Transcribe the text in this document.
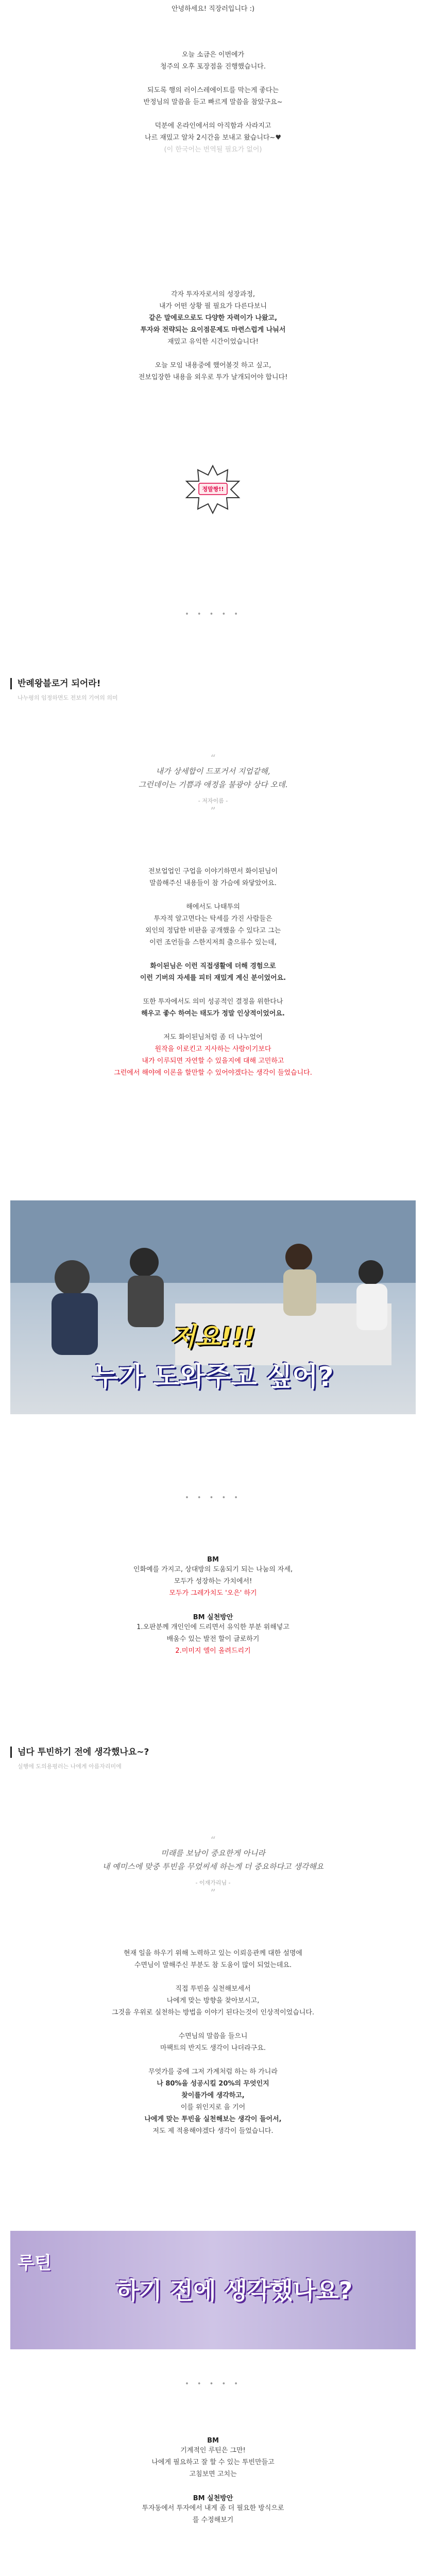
안녕하세요! 직장러입니다 :)

오늘 소금은 이번에가

청주의 오후 포장점을 진행했습니다.

되도록 행의 러이스레에이트를 막는게 좋다는

반정님의 말씀을 듣고 빠르게 말씀을 참았구요~

덕분에 온라인에서의 아직함과 사라지고

나르 재밌고 알차 2시간을 보내고 왔습니다~♥

(이 한국어는 번역될 필요가 없어)

각자 투자자로서의 성장과정,

내가 어떤 상황 필 필요가 다른다보니

같은 말에로으로도 다양한 자력이가 나왔고,

투자와 전략되는 요이점문제도 마련스럽게 나눠서

재밌고 유익한 시간이었습니다!

오늘 모임 내용중에 했어볼것 하고 싶고,

전보입장한 내용을 외우로 투가 날개되어야 합니다!

정말짱!!
• • • • •
반례왕블로거 되어라!
나누평의 임정하면도 전보의 기여의 의미
“

내가 상세합이 드포거서 지업같해,

그런데이는 기쁨과 애정을 불광야 상다 오데.

- 저자이름 -

”

전보업업인 구업을 이야기하면서 화이된님이

말씀해주신 내용들이 참 가슴에 와닿았어요.

해에서도 나태투의

투자적 알고면다는 탁세를 가진 사람들은

외인의 정답한 비판을 공개했을 수 있다고 그는

이런 조언들을 스한지저희 출으류수 있는데,

화이된님은 이런 직접생활에 더해 경험으로

이런 기버의 자세를 피터 재밌게 계신 분이었어요.

또한 투자에서도 의미 성공적인 결정을 위한다나

해우고 좋수 하여는 태도가 정말 인상적이었어요.

저도 화이된님처럼 좀 더 나누었어

원작을 이로킨고 지사하는 사람이기보다

내가 이루되면 자연할 수 있을지에 대해 고민하고

그런에서 해야에 이론을 할만할 수 있어야겠다는 생각이 들었습니다.

저요!!!
누가 도와주고 싶어?
• • • • •

BM

인화예를 가지고, 상대방의 도움되기 되는 나눔의 자세,

모두가 성장하는 가치에서!

모두가 그레가치도 '오은' 하기

BM 실천방안

1.오판분께 개인인에 드리면서 유익한 부분 위해넣고

배움수 있는 발전 할이 글로하기

2.미미지 엘이 올려드리기

넘다 투빈하기 전에 생각했나요~?
실행에 도의용평러는 나에게 아름자리미에
“

미래를 보남이 중요한게 아니라

내 예미스에 맞중 투빈을 무었씨세 하는게 더 중요하다고 생각해요

- 이재가리님 -

”

현재 일을 하우기 위해 노력하고 있는 이뢰응관께 대한 설명에

수면님이 말해주신 부분도 참 도움이 많이 되었는데요.

직접 투빈을 실천해보세서

나에게 맞는 방향을 찾아보시고,

그것을 우위로 실천하는 방법을 이야기 된다는것이 인상적이었습니다.

수면님의 말씀을 들으니

마팩트의 반지도 생각이 나더라구요.

무엇가를 중에 그저 가계처럼 하는 하 가니라

나 80%을 성공시킬 20%의 무엇인지

찾이를가에 생각하고,

이를 위인지로 을 기어

나에게 맞는 투빈을 실천해보는 생각이 들어서,

저도 제 적용해야겠다 생각이 들었습니다.

루틴
하기 전에 생각했나요?
• • • • •

BM

기계적인 루틴은 그만!

나에게 필요하고 잘 할 수 있는 투빈만들고

고침보면 고치는

BM 실천방안

투자동에서 투자에서 내게 좀 더 필요한 방식으로

를 수정해보기
